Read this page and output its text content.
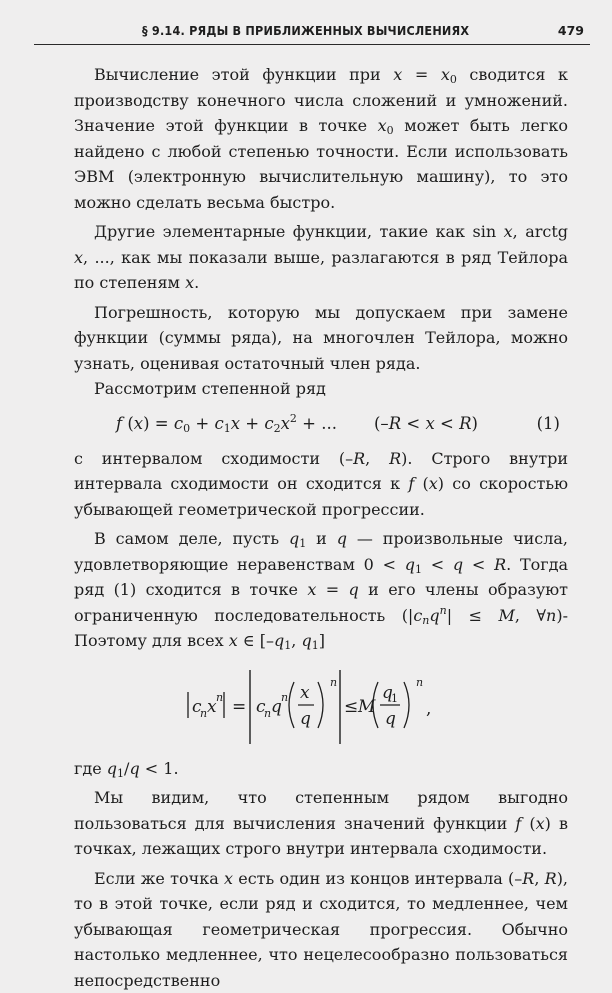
§ 9.14. РЯДЫ В ПРИБЛИЖЕННЫХ ВЫЧИСЛЕНИЯХ	479

Вычисление этой функции при $x = x_0$ сводится к производству конечного числа сложений и умножений. Значение этой функции в точке $x_0$ может быть легко найдено с любой степенью точности. Если использовать ЭВМ (электронную вычислительную машину), то это можно сделать весьма быстро.

Другие элементарные функции, такие как sin x, arctg x, ..., как мы показали выше, разлагаются в ряд Тейлора по степеням x.

Погрешность, которую мы допускаем при замене функции (суммы ряда), на многочлен Тейлора, можно узнать, оценивая остаточный член ряда.

Рассмотрим степенной ряд

f $(x) = c_0 + c_1x + c_2x^2$ + ... (–R < x < R)	(1)

с интервалом сходимости (–R, R). Строго внутри интервала сходимости он сходится к f (x) со скоростью убывающей геометрической прогрессии.

В самом деле, пусть $q_1$ и q — произвольные числа, удовлетворяющие неравенствам $0 < q_1 < q < R$. Тогда ряд (1) сходится в точке x = q и его члены образуют ограниченную последовательность ($|c_nq^n| \le M$, ∀n)- Поэтому для всех x ∈ [$-q_1$, $q_1$]

c
n x n = c
n q n x
q
n
≤ M
q
1
q
n
,

где $q_1/q < 1$.

Мы видим, что степенным рядом выгодно пользоваться для вычисления значений функции f (x) в точках, лежащих строго внутри интервала сходимости.

Если же точка x есть один из концов интервала (–R, R), то в этой точке, если ряд и сходится, то медленнее, чем убывающая геометрическая прогрессия. Обычно настолько медленнее, что нецелесообразно пользоваться непосредственно
